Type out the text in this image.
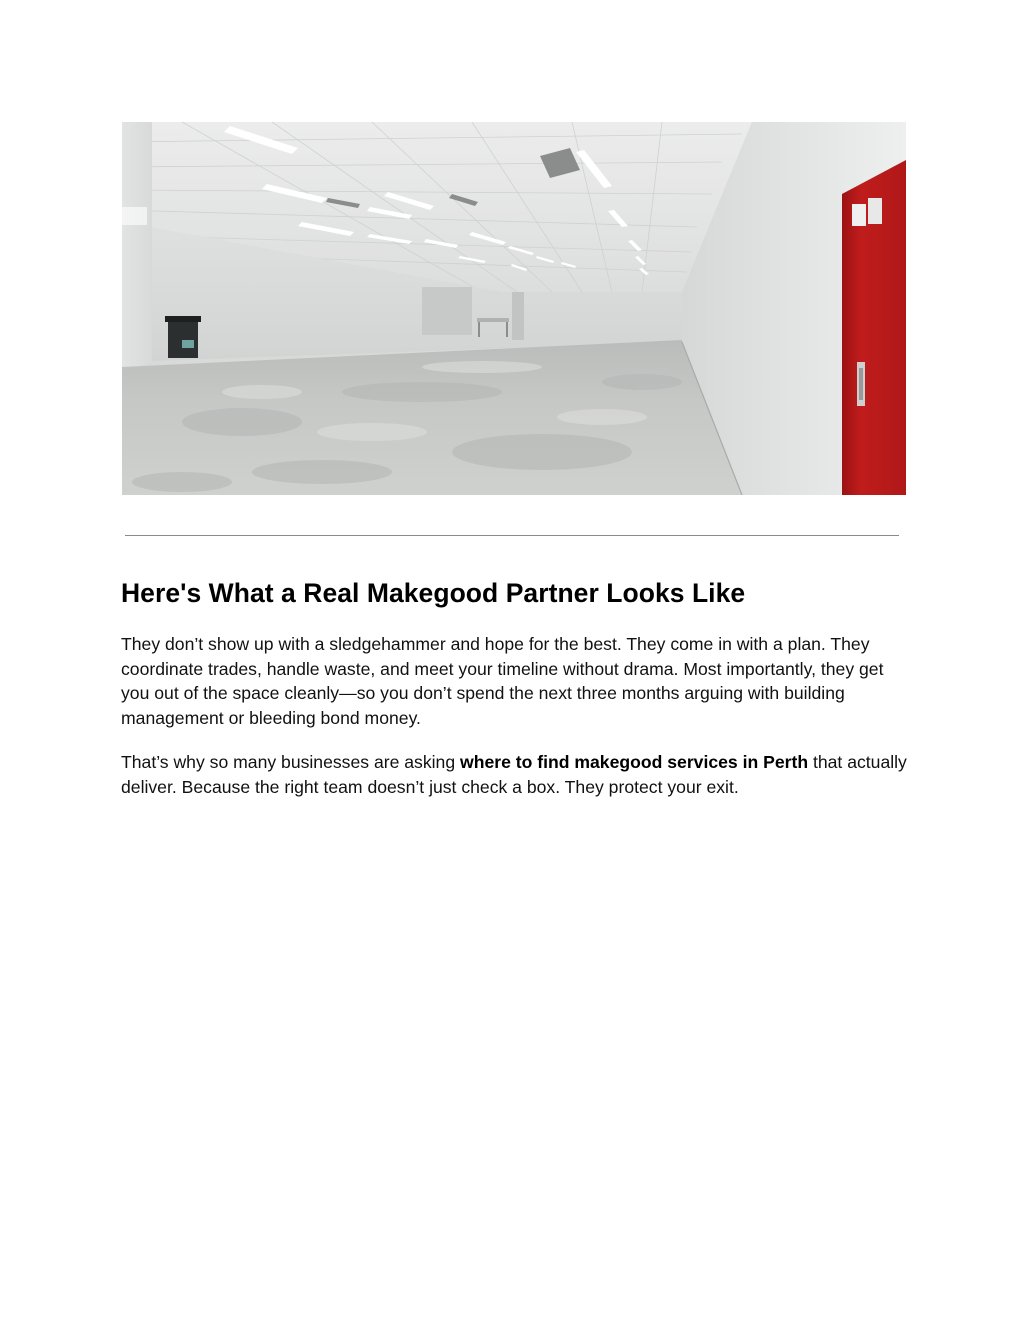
Here's What a Real Makegood Partner Looks Like

They don’t show up with a sledgehammer and hope for the best. They come in with a plan. They coordinate trades, handle waste, and meet your timeline without drama. Most importantly, they get you out of the space cleanly—so you don’t spend the next three months arguing with building management or bleeding bond money.

That’s why so many businesses are asking where to find makegood services in Perth that actually deliver. Because the right team doesn’t just check a box. They protect your exit.
